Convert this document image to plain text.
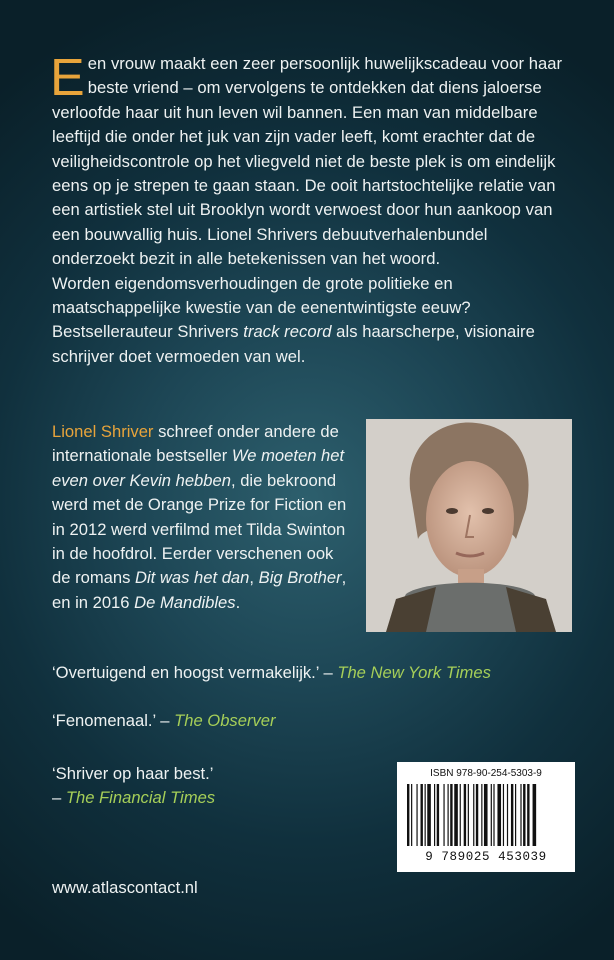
Een vrouw maakt een zeer persoonlijk huwelijkscadeau voor haar beste vriend – om vervolgens te ontdekken dat diens jaloerse verloofde haar uit hun leven wil bannen. Een man van middelbare leeftijd die onder het juk van zijn vader leeft, komt erachter dat de veiligheidscontrole op het vliegveld niet de beste plek is om eindelijk eens op je strepen te gaan staan. De ooit hartstochtelijke relatie van een artistiek stel uit Brooklyn wordt verwoest door hun aankoop van een bouwvallig huis. Lionel Shrivers debuutverhalenbundel onderzoekt bezit in alle betekenissen van het woord.

Worden eigendomsverhoudingen de grote politieke en maatschappelijke kwestie van de eenentwintigste eeuw?

Bestsellerauteur Shrivers track record als haarscherpe, visionaire schrijver doet vermoeden van wel.

Lionel Shriver schreef onder andere de internationale bestseller We moeten het even over Kevin hebben, die bekroond werd met de Orange Prize for Fiction en in 2012 werd verfilmd met Tilda Swinton in de hoofdrol. Eerder verschenen ook de romans Dit was het dan, Big Brother, en in 2016 De Mandibles.

‘Overtuigend en hoogst vermakelijk.’ – The New York Times
‘Fenomenaal.’ – The Observer
‘Shriver op haar best.’
– The Financial Times
www.atlascontact.nl
ISBN 978-90-254-5303-9
9 789025 453039
